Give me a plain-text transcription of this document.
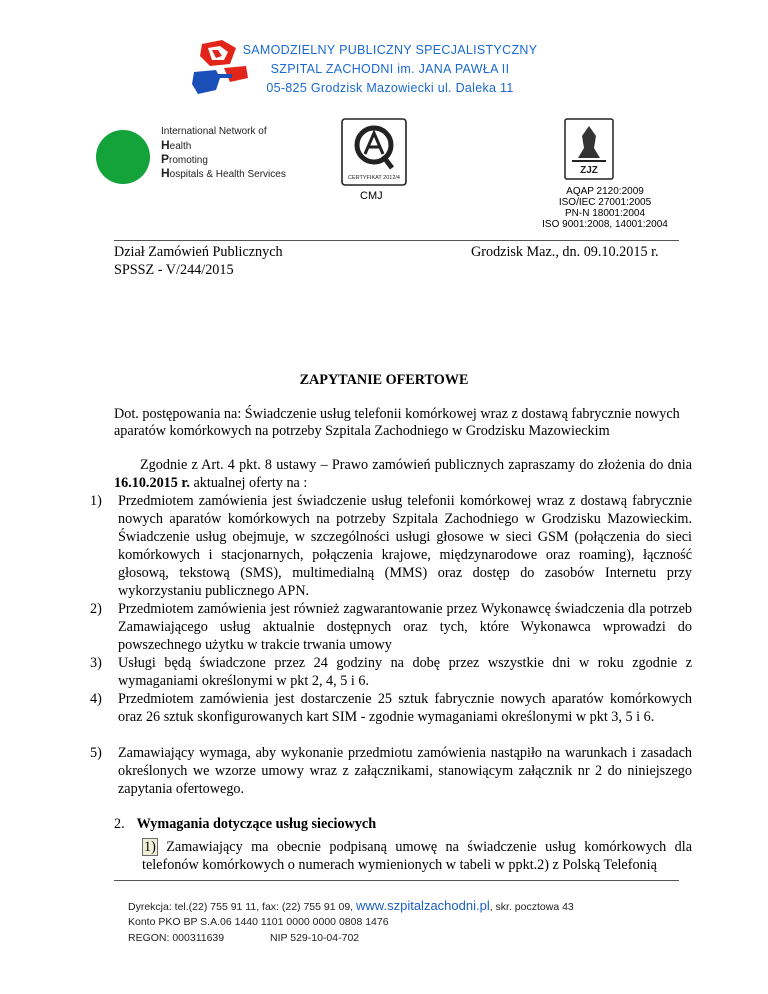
SAMODZIELNY PUBLICZNY SPECJALISTYCZNY
SZPITAL ZACHODNI im. JANA PAWŁA II
05-825 Grodzisk Mazowiecki ul. Daleka 11
International Network of
Health
Promoting
Hospitals & Health Services	CERTYFIKAT 2012/4
CMJ
ZJZ
AQAP 2120:2009
ISO/IEC 27001:2005
PN-N 18001:2004
ISO 9001:2008, 14001:2004
Dział Zamówień Publicznych
SPSSZ - V/244/2015
Grodzisk Maz., dn. 09.10.2015 r.
ZAPYTANIE OFERTOWE
Dot. postępowania na: Świadczenie usług telefonii komórkowej wraz z dostawą fabrycznie nowych aparatów komórkowych na potrzeby Szpitala Zachodniego w Grodzisku Mazowieckim
Zgodnie z Art. 4 pkt. 8 ustawy – Prawo zamówień publicznych zapraszamy do złożenia do dnia 16.10.2015 r. aktualnej oferty na :
1) Przedmiotem zamówienia jest świadczenie usług telefonii komórkowej wraz z dostawą fabrycznie nowych aparatów komórkowych na potrzeby Szpitala Zachodniego w Grodzisku Mazowieckim. Świadczenie usług obejmuje, w szczególności usługi głosowe w sieci GSM (połączenia do sieci komórkowych i stacjonarnych, połączenia krajowe, międzynarodowe oraz roaming), łączność głosową, tekstową (SMS), multimedialną (MMS) oraz dostęp do zasobów Internetu przy wykorzystaniu publicznego APN.
2) Przedmiotem zamówienia jest również zagwarantowanie przez Wykonawcę świadczenia dla potrzeb Zamawiającego usług aktualnie dostępnych oraz tych, które Wykonawca wprowadzi do powszechnego użytku w trakcie trwania umowy
3) Usługi będą świadczone przez 24 godziny na dobę przez wszystkie dni w roku zgodnie z wymaganiami określonymi w pkt 2, 4, 5 i 6.
4) Przedmiotem zamówienia jest dostarczenie 25 sztuk fabrycznie nowych aparatów komórkowych oraz 26 sztuk skonfigurowanych kart SIM - zgodnie wymaganiami określonymi w pkt 3, 5 i 6.
5) Zamawiający wymaga, aby wykonanie przedmiotu zamówienia nastąpiło na warunkach i zasadach określonych we wzorze umowy wraz z załącznikami, stanowiącym załącznik nr 2 do niniejszego zapytania ofertowego.
2. Wymagania dotyczące usług sieciowych
1) Zamawiający ma obecnie podpisaną umowę na świadczenie usług komórkowych dla telefonów komórkowych o numerach wymienionych w tabeli w ppkt.2) z Polską Telefonią
Dyrekcja: tel.(22) 755 91 11, fax: (22) 755 91 09, www.szpitalzachodni.pl, skr. pocztowa 43
Konto PKO BP S.A.06 1440 1101 0000 0000 0808 1476
REGON: 000311639	NIP 529-10-04-702
